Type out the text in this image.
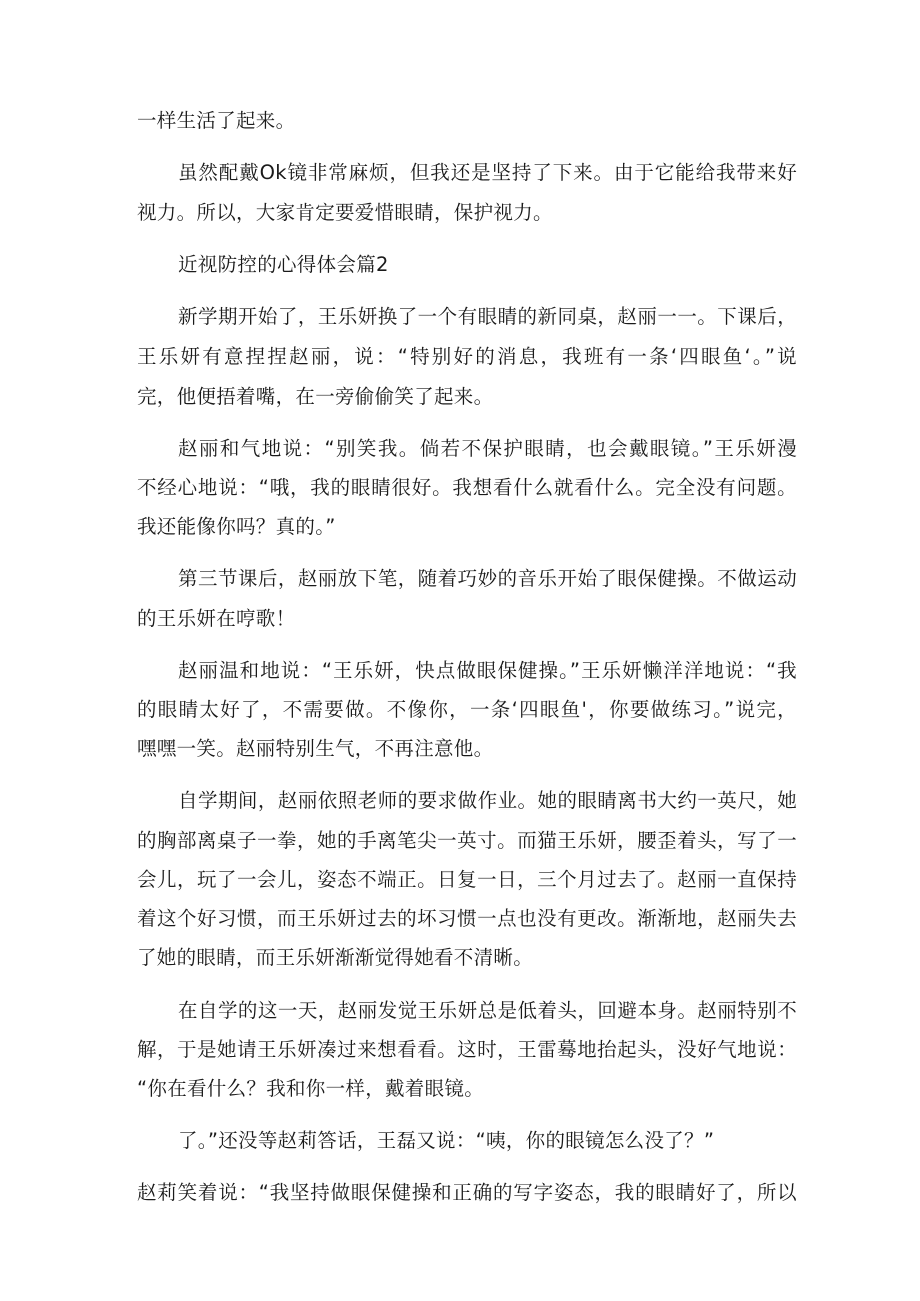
一样生活了起来。
虽然配戴Ok镜非常麻烦，但我还是坚持了下来。由于它能给我带来好
视力。所以，大家肯定要爱惜眼睛，保护视力。
近视防控的心得体会篇2
新学期开始了，王乐妍换了一个有眼睛的新同桌，赵丽一一。下课后，
王乐妍有意捏捏赵丽，说：“特别好的消息，我班有一条‘四眼鱼‘。”说
完，他便捂着嘴，在一旁偷偷笑了起来。
赵丽和气地说：“别笑我。倘若不保护眼睛，也会戴眼镜。”王乐妍漫
不经心地说：“哦，我的眼睛很好。我想看什么就看什么。完全没有问题。
我还能像你吗？真的。”
第三节课后，赵丽放下笔，随着巧妙的音乐开始了眼保健操。不做运动
的王乐妍在哼歌！
赵丽温和地说：“王乐妍，快点做眼保健操。”王乐妍懒洋洋地说：“我
的眼睛太好了，不需要做。不像你，一条‘四眼鱼'，你要做练习。”说完，
嘿嘿一笑。赵丽特别生气，不再注意他。
自学期间，赵丽依照老师的要求做作业。她的眼睛离书大约一英尺，她
的胸部离桌子一拳，她的手离笔尖一英寸。而猫王乐妍，腰歪着头，写了一
会儿，玩了一会儿，姿态不端正。日复一日，三个月过去了。赵丽一直保持
着这个好习惯，而王乐妍过去的坏习惯一点也没有更改。渐渐地，赵丽失去
了她的眼睛，而王乐妍渐渐觉得她看不清晰。
在自学的这一天，赵丽发觉王乐妍总是低着头，回避本身。赵丽特别不
解，于是她请王乐妍凑过来想看看。这时，王雷蓦地抬起头，没好气地说：
“你在看什么？我和你一样，戴着眼镜。
了。”还没等赵莉答话，王磊又说：“咦，你的眼镜怎么没了？”
赵莉笑着说：“我坚持做眼保健操和正确的写字姿态，我的眼睛好了，所以
